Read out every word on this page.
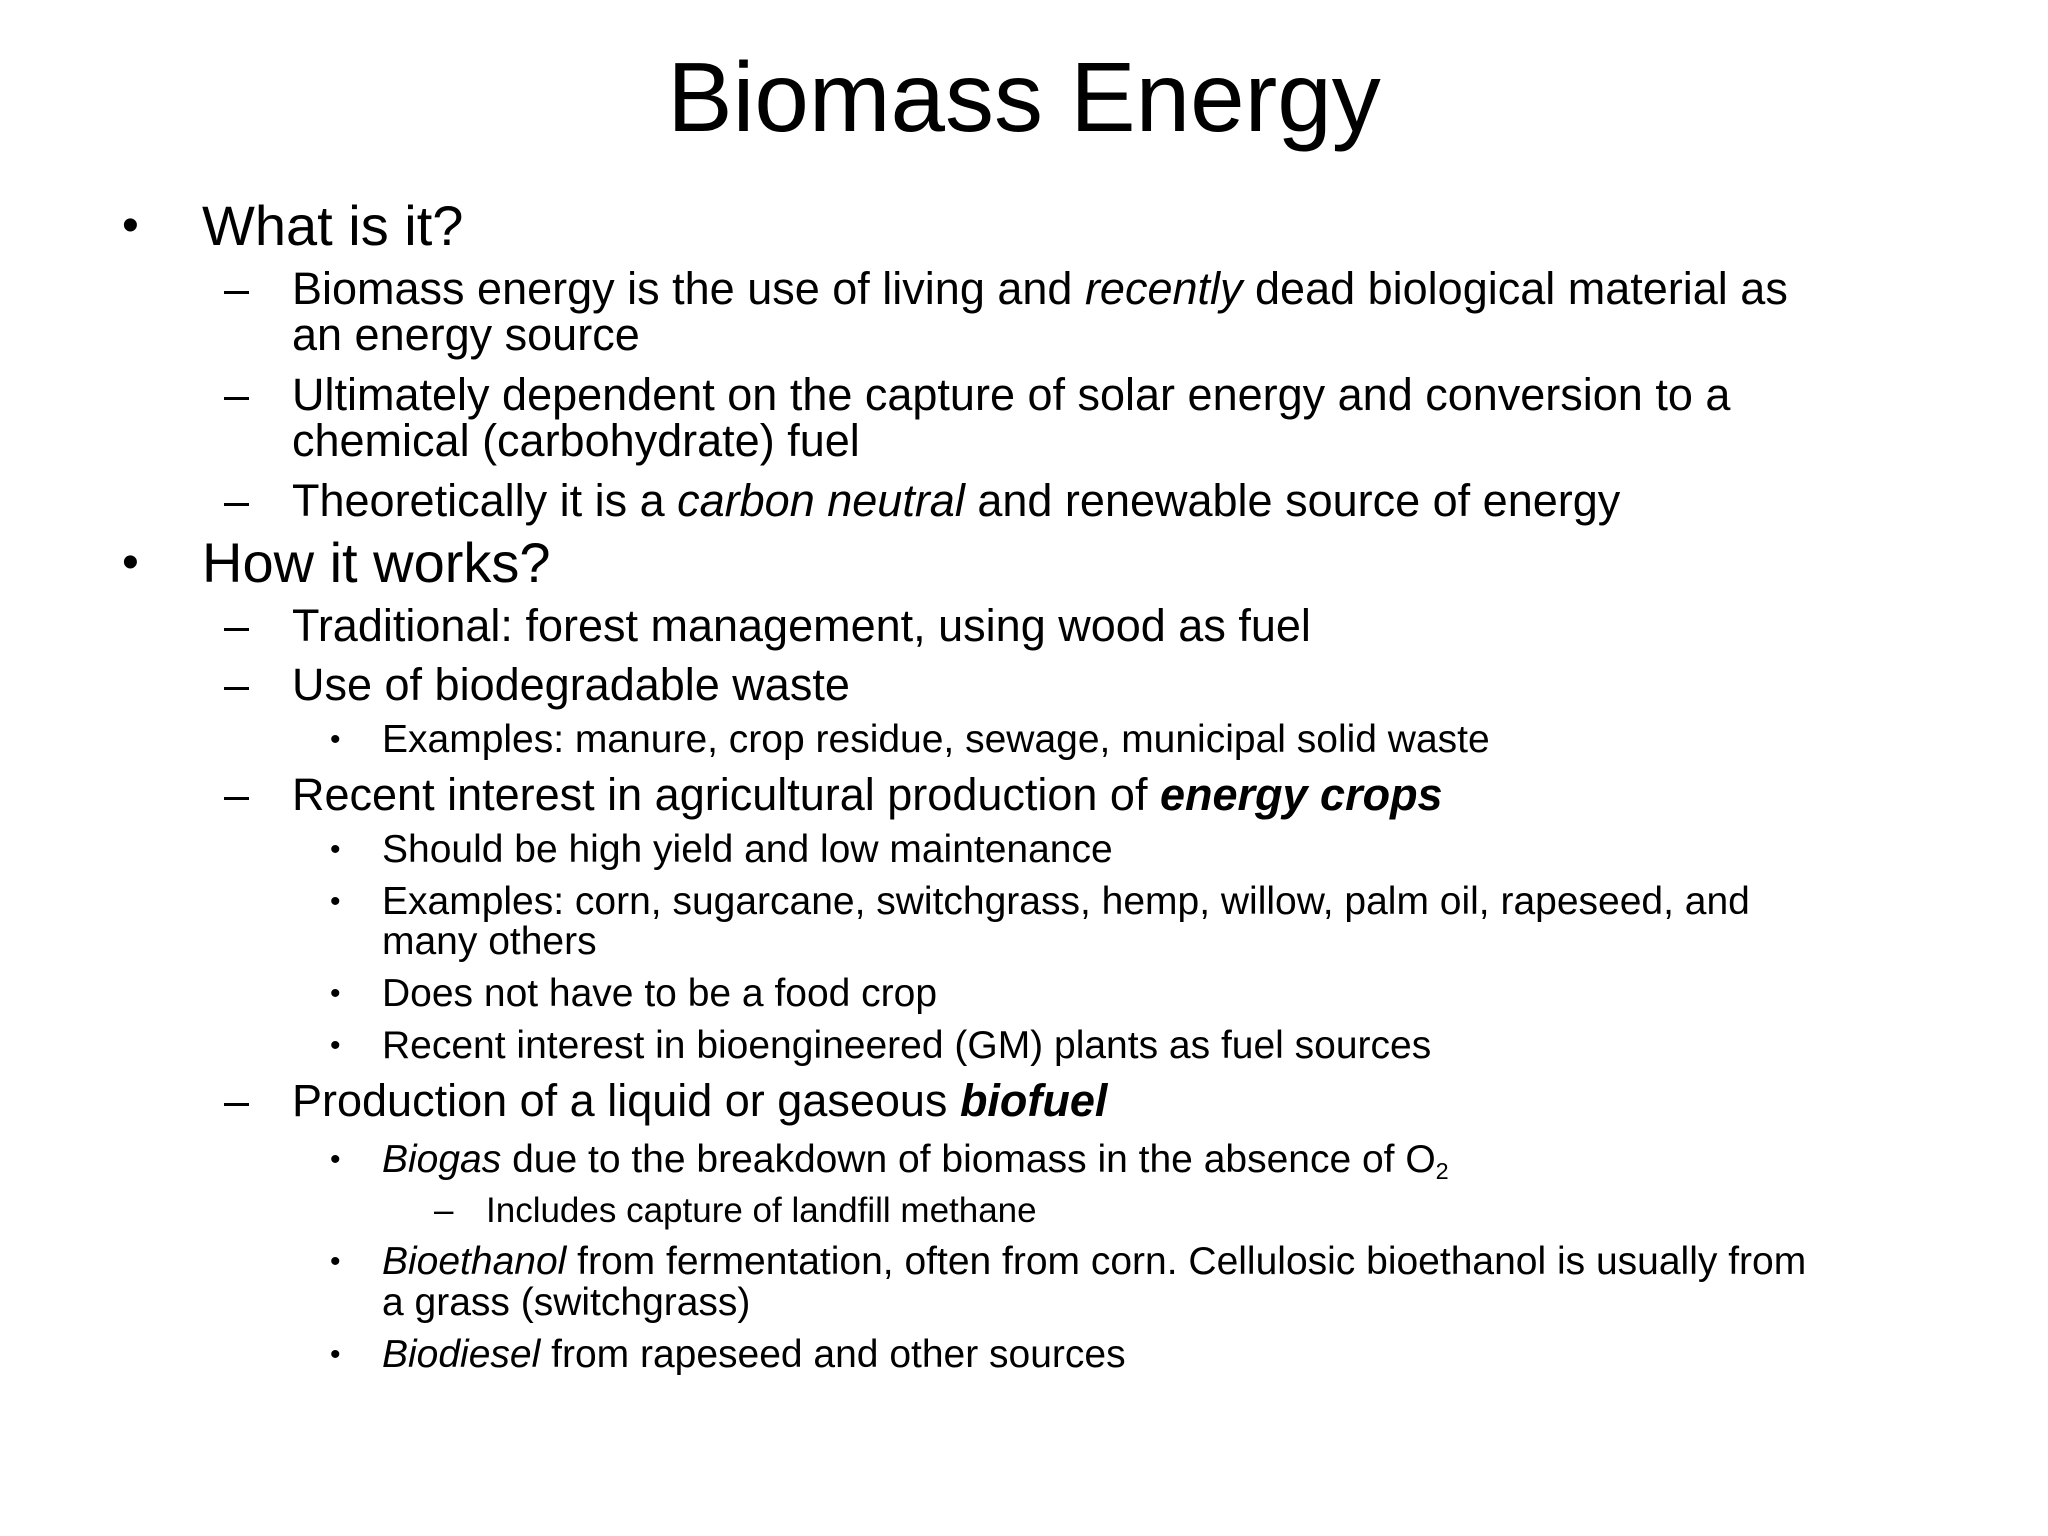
Biomass Energy
• What is it?
– Biomass energy is the use of living and recently dead biological material as
an energy source
– Ultimately dependent on the capture of solar energy and conversion to a
chemical (carbohydrate) fuel
– Theoretically it is a carbon neutral and renewable source of energy
• How it works?
– Traditional: forest management, using wood as fuel
– Use of biodegradable waste
• Examples: manure, crop residue, sewage, municipal solid waste
– Recent interest in agricultural production of energy crops
• Should be high yield and low maintenance
• Examples: corn, sugarcane, switchgrass, hemp, willow, palm oil, rapeseed, and
many others
• Does not have to be a food crop
• Recent interest in bioengineered (GM) plants as fuel sources
– Production of a liquid or gaseous biofuel
• Biogas due to the breakdown of biomass in the absence of $O_2$
– Includes capture of landfill methane
• Bioethanol from fermentation, often from corn. Cellulosic bioethanol is usually from
a grass (switchgrass)
• Biodiesel from rapeseed and other sources
